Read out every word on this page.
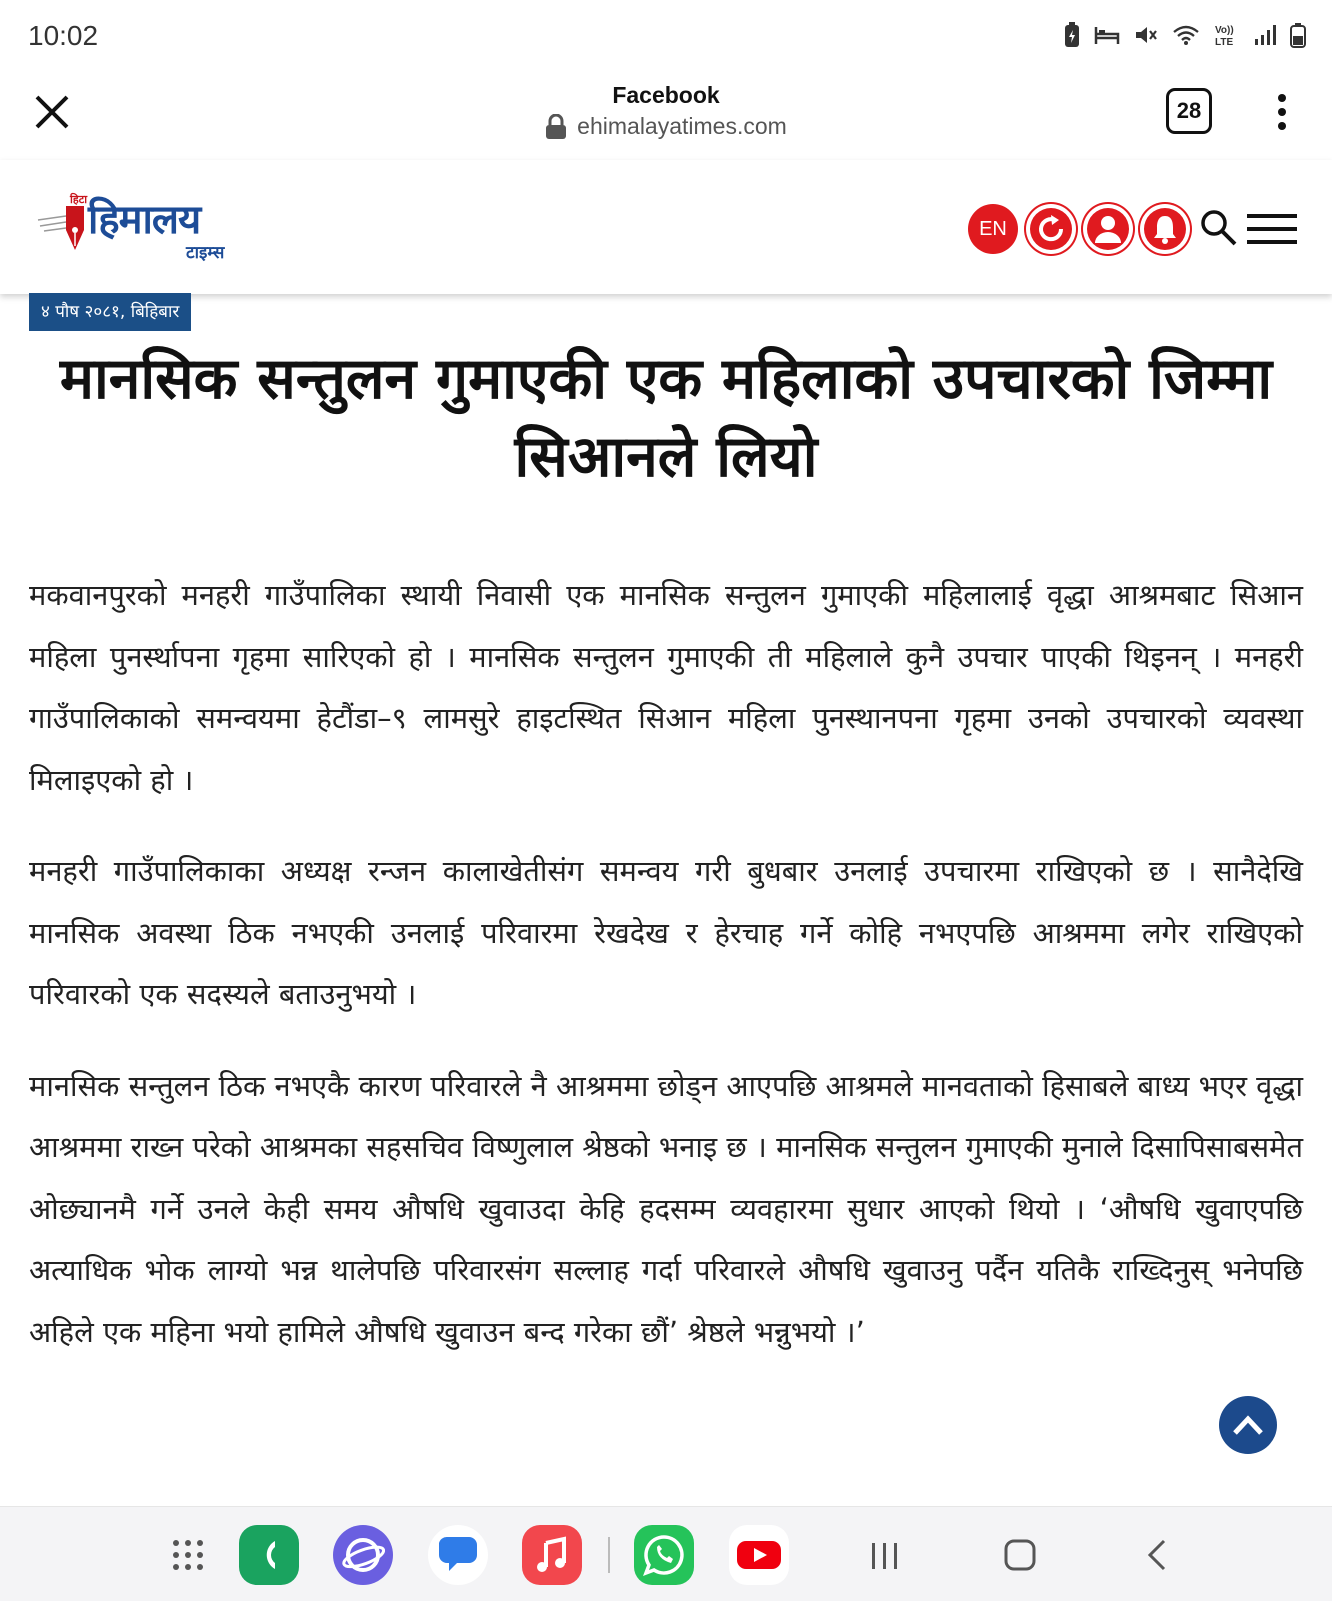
10:02	Vo))
LTE
Facebook
ehimalayatimes.com
28
हिटा हिमालय
टाइम्स
EN
४ पौष २०८१, बिहिबार
मानसिक सन्तुलन गुमाएकी एक महिलाको उपचारको जिम्मा सिआनले लियो

मकवानपुरको मनहरी गाउँपालिका स्थायी निवासी एक मानसिक सन्तुलन गुमाएकी महिलालाई वृद्धा आश्रमबाट सिआन महिला पुनर्स्थापना गृहमा सारिएको हो । मानसिक सन्तुलन गुमाएकी ती महिलाले कुनै उपचार पाएकी थिइनन् । मनहरी गाउँपालिकाको समन्वयमा हेटौंडा–९ लामसुरे हाइटस्थित सिआन महिला पुनस्थानपना गृहमा उनको उपचारको व्यवस्था मिलाइएको हो ।

मनहरी गाउँपालिकाका अध्यक्ष रन्जन कालाखेतीसंग समन्वय गरी बुधबार उनलाई उपचारमा राखिएको छ । सानैदेखि मानसिक अवस्था ठिक नभएकी उनलाई परिवारमा रेखदेख र हेरचाह गर्ने कोहि नभएपछि आश्रममा लगेर राखिएको परिवारको एक सदस्यले बताउनुभयो ।

मानसिक सन्तुलन ठिक नभएकै कारण परिवारले नै आश्रममा छोड्न आएपछि आश्रमले मानवताको हिसाबले बाध्य भएर वृद्धा आश्रममा राख्न परेको आश्रमका सहसचिव विष्णुलाल श्रेष्ठको भनाइ छ । मानसिक सन्तुलन गुमाएकी मुनाले दिसापिसाबसमेत ओछ्यानमै गर्ने उनले केही समय औषधि खुवाउदा केहि हदसम्म व्यवहारमा सुधार आएको थियो । ‘औषधि खुवाएपछि अत्याधिक भोक लाग्यो भन्न थालेपछि परिवारसंग सल्लाह गर्दा परिवारले औषधि खुवाउनु पर्दैन यतिकै राख्दिनुस् भनेपछि अहिले एक महिना भयो हामिले औषधि खुवाउन बन्द गरेका छौं’ श्रेष्ठले भन्नुभयो ।’
